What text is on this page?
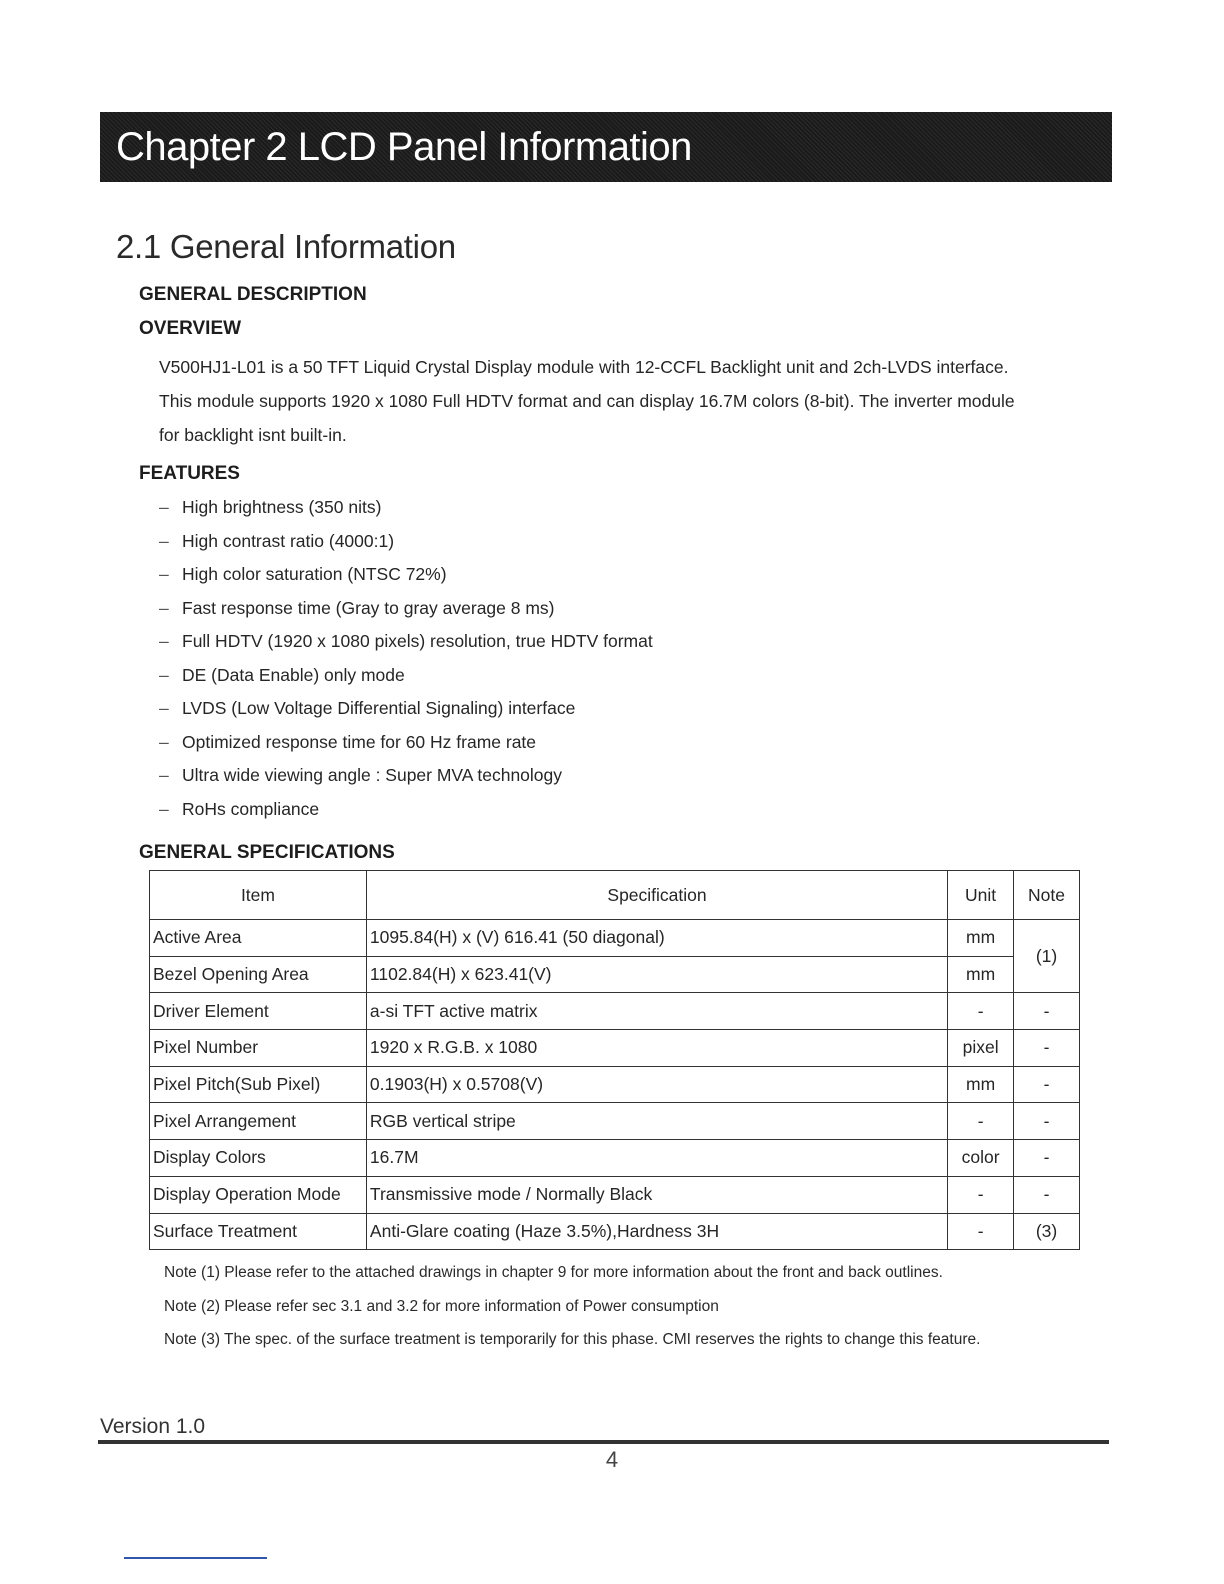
Chapter 2 LCD Panel Information
2.1 General Information
GENERAL DESCRIPTION
OVERVIEW
V500HJ1-L01 is a 50 TFT Liquid Crystal Display module with 12-CCFL Backlight unit and 2ch-LVDS interface.
This module supports 1920 x 1080 Full HDTV format and can display 16.7M colors (8-bit). The inverter module
for backlight isnt built-in.
FEATURES
– High brightness (350 nits)
– High contrast ratio (4000:1)
– High color saturation (NTSC 72%)
– Fast response time (Gray to gray average 8 ms)
– Full HDTV (1920 x 1080 pixels) resolution, true HDTV format
– DE (Data Enable) only mode
– LVDS (Low Voltage Differential Signaling) interface
– Optimized response time for 60 Hz frame rate
– Ultra wide viewing angle : Super MVA technology
– RoHs compliance
GENERAL SPECIFICATIONS
Item	Specification	Unit	Note
Active Area	1095.84(H) x (V) 616.41 (50 diagonal)	mm	(1)
Bezel Opening Area	1102.84(H) x 623.41(V)	mm	
Driver Element	a-si TFT active matrix	-	-
Pixel Number	1920 x R.G.B. x 1080	pixel	-
Pixel Pitch(Sub Pixel)	0.1903(H) x 0.5708(V)	mm	-
Pixel Arrangement	RGB vertical stripe	-	-
Display Colors	16.7M	color	-
Display Operation Mode	Transmissive mode / Normally Black	-	-
Surface Treatment	Anti-Glare coating (Haze 3.5%),Hardness 3H	-	(3)
Note (1) Please refer to the attached drawings in chapter 9 for more information about the front and back outlines.
Note (2) Please refer sec 3.1 and 3.2 for more information of Power consumption
Note (3) The spec. of the surface treatment is temporarily for this phase. CMI reserves the rights to change this feature.
Version 1.0
4
